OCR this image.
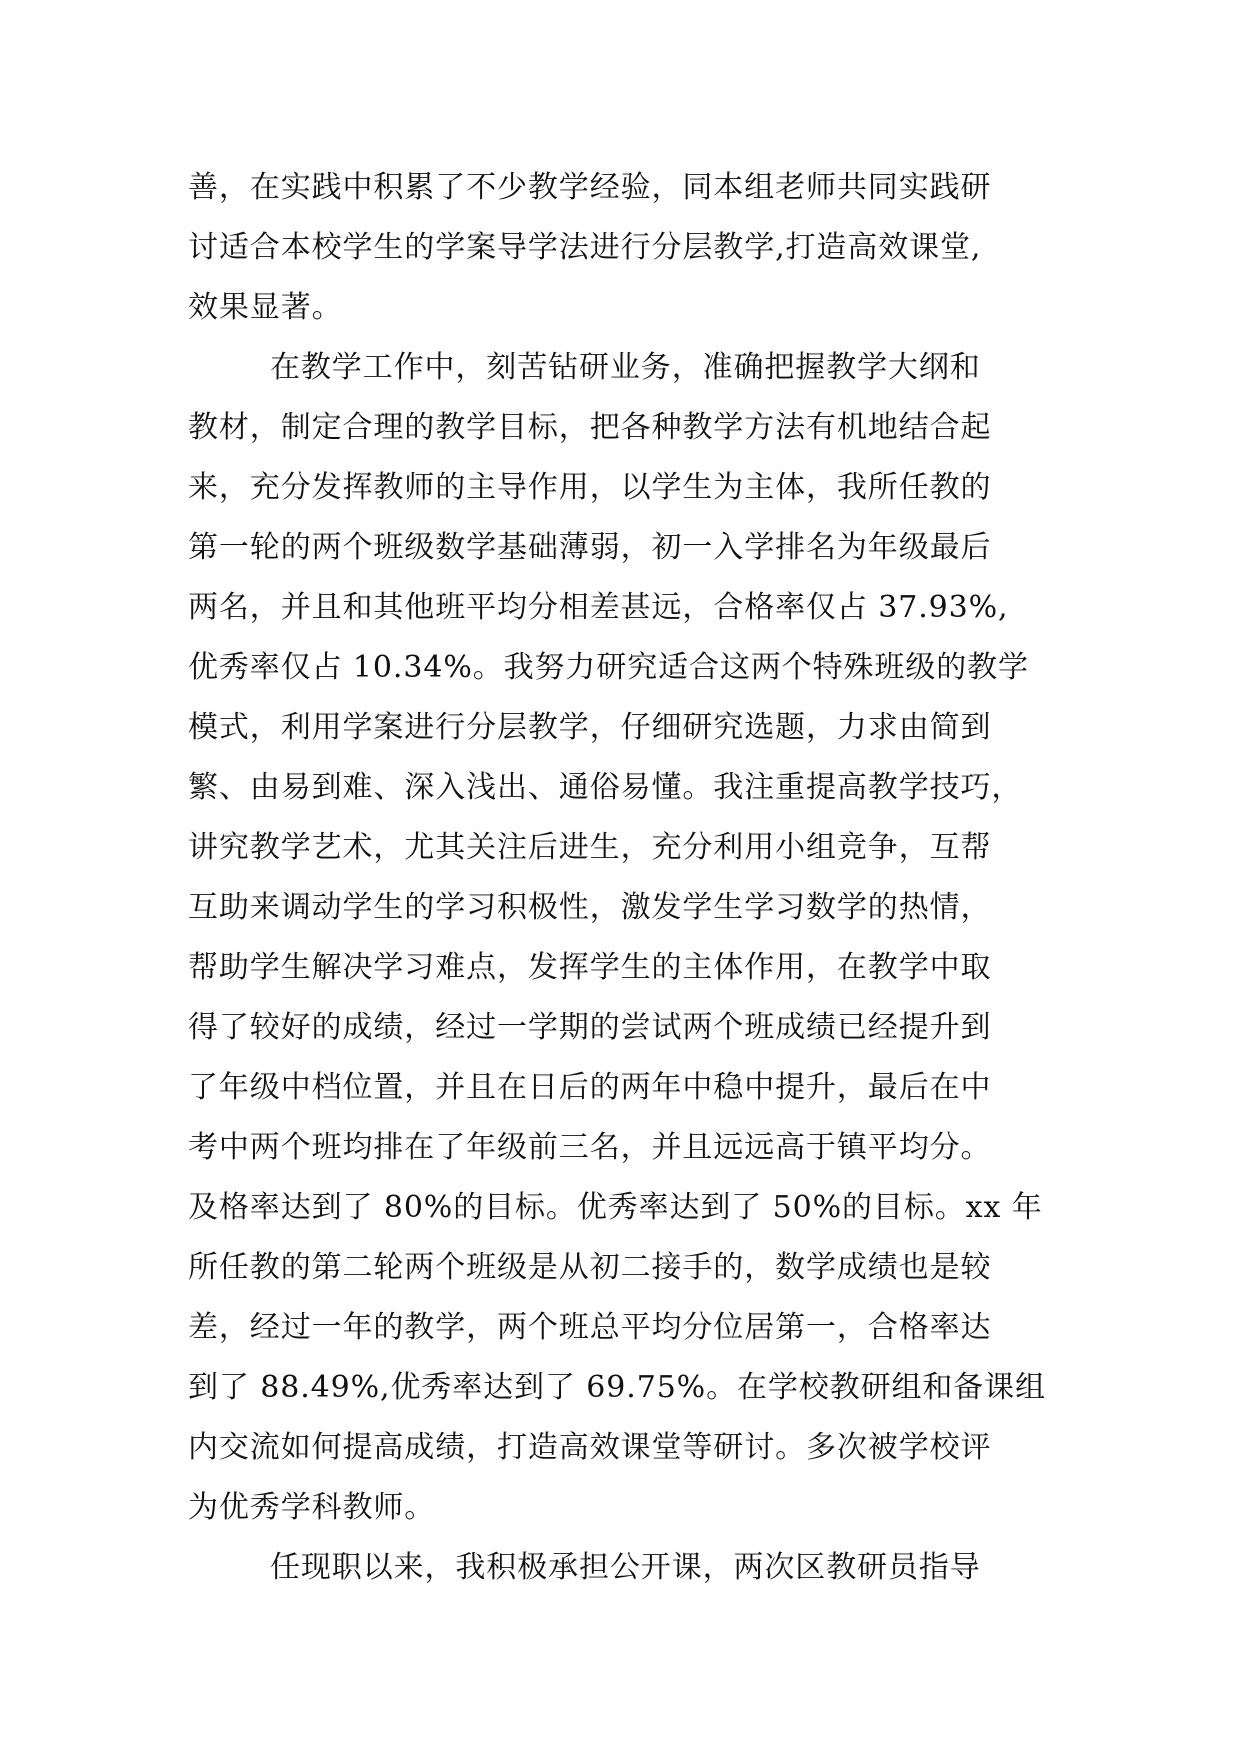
善，在实践中积累了不少教学经验，同本组老师共同实践研
讨适合本校学生的学案导学法进行分层教学,打造高效课堂,
效果显著。
在教学工作中，刻苦钻研业务，准确把握教学大纲和
教材，制定合理的教学目标，把各种教学方法有机地结合起
来，充分发挥教师的主导作用，以学生为主体，我所任教的
第一轮的两个班级数学基础薄弱，初一入学排名为年级最后
两名，并且和其他班平均分相差甚远，合格率仅占 37.93%,
优秀率仅占 10.34%。我努力研究适合这两个特殊班级的教学
模式，利用学案进行分层教学，仔细研究选题，力求由简到
繁、由易到难、深入浅出、通俗易懂。我注重提高教学技巧，
讲究教学艺术，尤其关注后进生，充分利用小组竞争，互帮
互助来调动学生的学习积极性，激发学生学习数学的热情，
帮助学生解决学习难点，发挥学生的主体作用，在教学中取
得了较好的成绩，经过一学期的尝试两个班成绩已经提升到
了年级中档位置，并且在日后的两年中稳中提升，最后在中
考中两个班均排在了年级前三名，并且远远高于镇平均分。
及格率达到了 80%的目标。优秀率达到了 50%的目标。xx 年
所任教的第二轮两个班级是从初二接手的，数学成绩也是较
差，经过一年的教学，两个班总平均分位居第一，合格率达
到了 88.49%,优秀率达到了 69.75%。在学校教研组和备课组
内交流如何提高成绩，打造高效课堂等研讨。多次被学校评
为优秀学科教师。
任现职以来，我积极承担公开课，两次区教研员指导
